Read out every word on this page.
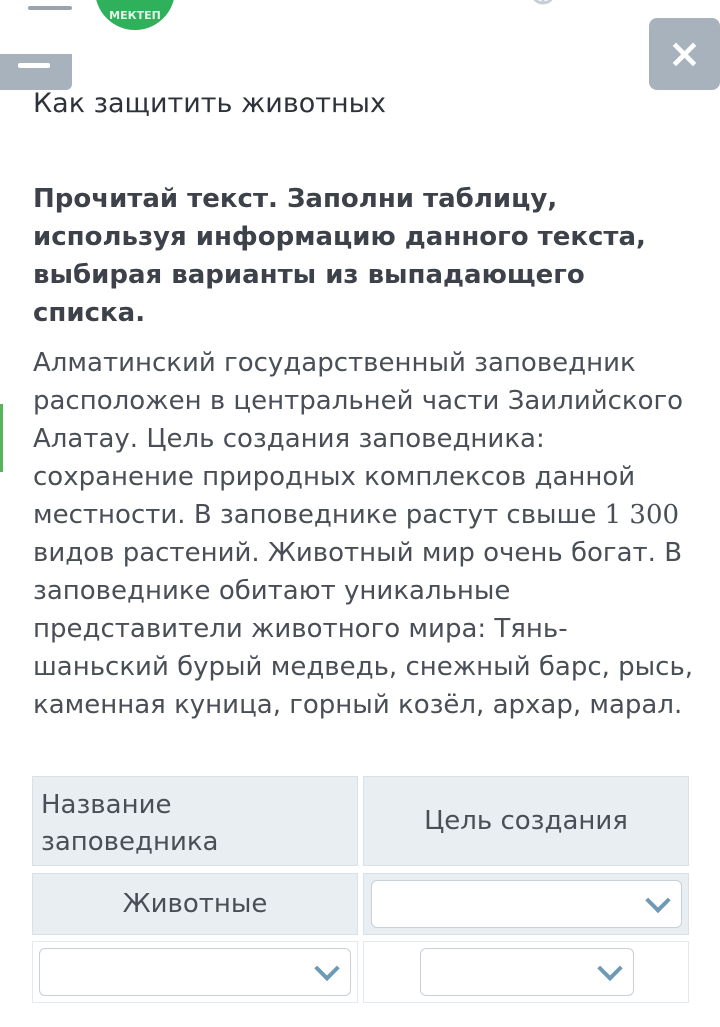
МЕКТЕП
×
Как защитить животных
Прочитай текст. Заполни таблицу, используя информацию данного текста, выбирая варианты из выпадающего списка.
Алматинский государственный заповедник расположен в центральней части Заилийского Алатау. Цель создания заповедника: сохранение природных комплексов данной местности. В заповеднике растут свыше 1 300 видов растений. Животный мир очень богат. В заповеднике обитают уникальные представители животного мира: Тянь-шаньский бурый медведь, снежный барс, рысь, каменная куница, горный козёл, архар, марал.
Название заповедника
Цель создания
Животные
